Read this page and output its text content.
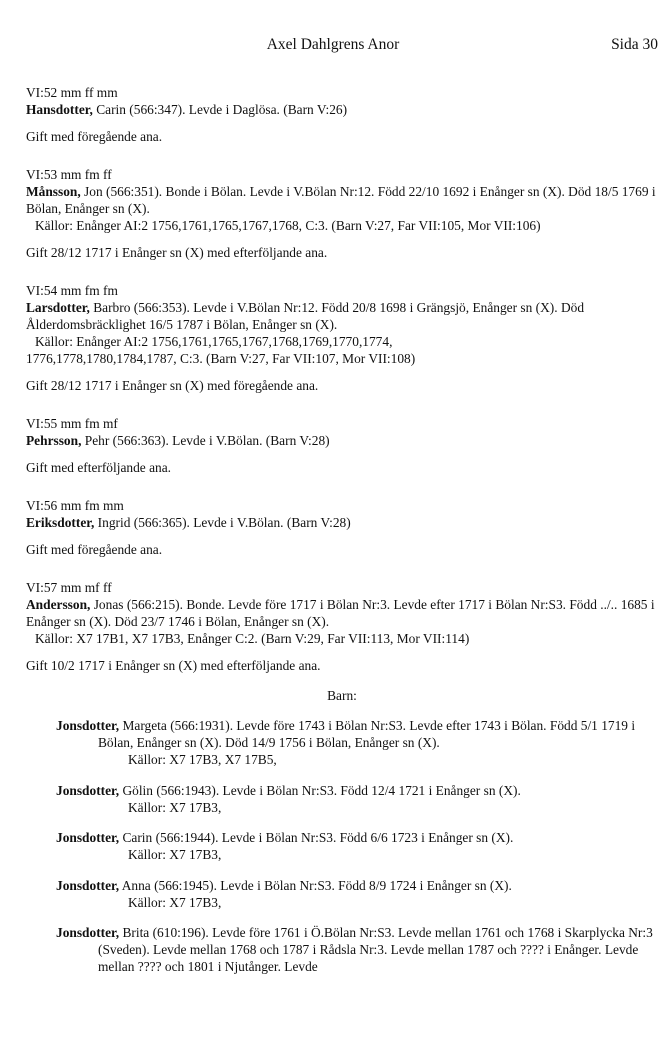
Axel Dahlgrens Anor	Sida 30

VI:52 mm ff mm

Hansdotter, Carin (566:347). Levde i Daglösa. (Barn V:26)

Gift med föregående ana.

VI:53 mm fm ff

Månsson, Jon (566:351). Bonde i Bölan. Levde i V.Bölan Nr:12. Född 22/10 1692 i Enånger sn (X). Död 18/5 1769 i Bölan, Enånger sn (X).

Källor: Enånger AI:2 1756,1761,1765,1767,1768, C:3. (Barn V:27, Far VII:105, Mor VII:106)

Gift 28/12 1717 i Enånger sn (X) med efterföljande ana.

VI:54 mm fm fm

Larsdotter, Barbro (566:353). Levde i V.Bölan Nr:12. Född 20/8 1698 i Grängsjö, Enånger sn (X). Död Ålderdomsbräcklighet 16/5 1787 i Bölan, Enånger sn (X).

Källor: Enånger AI:2 1756,1761,1765,1767,1768,1769,1770,1774,

1776,1778,1780,1784,1787, C:3. (Barn V:27, Far VII:107, Mor VII:108)

Gift 28/12 1717 i Enånger sn (X) med föregående ana.

VI:55 mm fm mf

Pehrsson, Pehr (566:363). Levde i V.Bölan. (Barn V:28)

Gift med efterföljande ana.

VI:56 mm fm mm

Eriksdotter, Ingrid (566:365). Levde i V.Bölan. (Barn V:28)

Gift med föregående ana.

VI:57 mm mf ff

Andersson, Jonas (566:215). Bonde. Levde före 1717 i Bölan Nr:3. Levde efter 1717 i Bölan Nr:S3. Född ../.. 1685 i Enånger sn (X). Död 23/7 1746 i Bölan, Enånger sn (X).

Källor: X7 17B1, X7 17B3, Enånger C:2. (Barn V:29, Far VII:113, Mor VII:114)

Gift 10/2 1717 i Enånger sn (X) med efterföljande ana.

Barn:

Jonsdotter, Margeta (566:1931). Levde före 1743 i Bölan Nr:S3. Levde efter 1743 i Bölan. Född 5/1 1719 i Bölan, Enånger sn (X). Död 14/9 1756 i Bölan, Enånger sn (X).
Källor: X7 17B3, X7 17B5,

Jonsdotter, Gölin (566:1943). Levde i Bölan Nr:S3. Född 12/4 1721 i Enånger sn (X).
Källor: X7 17B3,

Jonsdotter, Carin (566:1944). Levde i Bölan Nr:S3. Född 6/6 1723 i Enånger sn (X).
Källor: X7 17B3,

Jonsdotter, Anna (566:1945). Levde i Bölan Nr:S3. Född 8/9 1724 i Enånger sn (X).
Källor: X7 17B3,

Jonsdotter, Brita (610:196). Levde före 1761 i Ö.Bölan Nr:S3. Levde mellan 1761 och 1768 i Skarplycka Nr:3 (Sveden). Levde mellan 1768 och 1787 i Rådsla Nr:3. Levde mellan 1787 och ???? i Enånger. Levde mellan ???? och 1801 i Njutånger. Levde
